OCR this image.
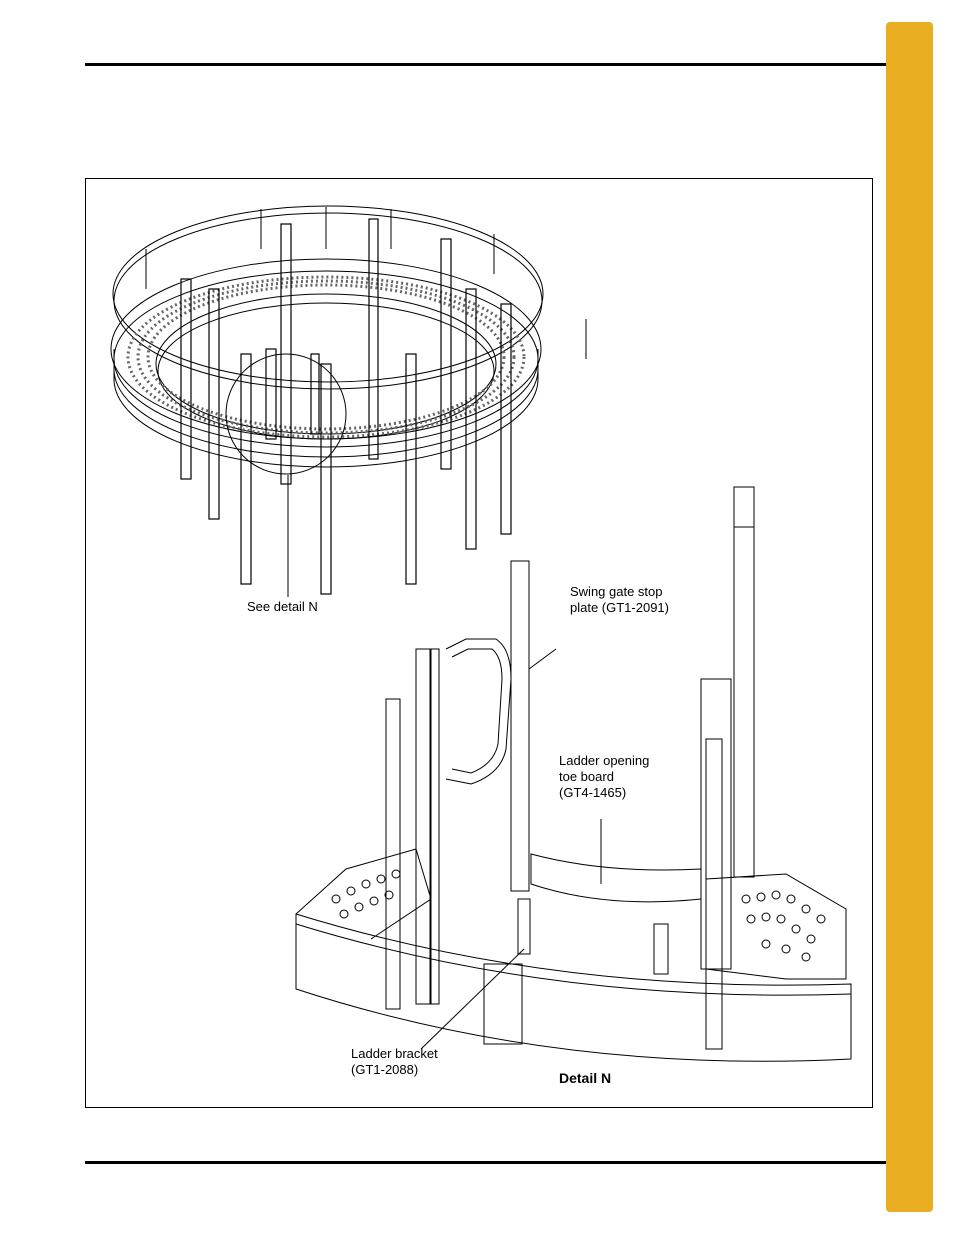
See detail N
Swing gate stop
plate (GT1-2091)
Ladder opening
toe board
(GT4-1465)
Ladder bracket
(GT1-2088)
Detail N
